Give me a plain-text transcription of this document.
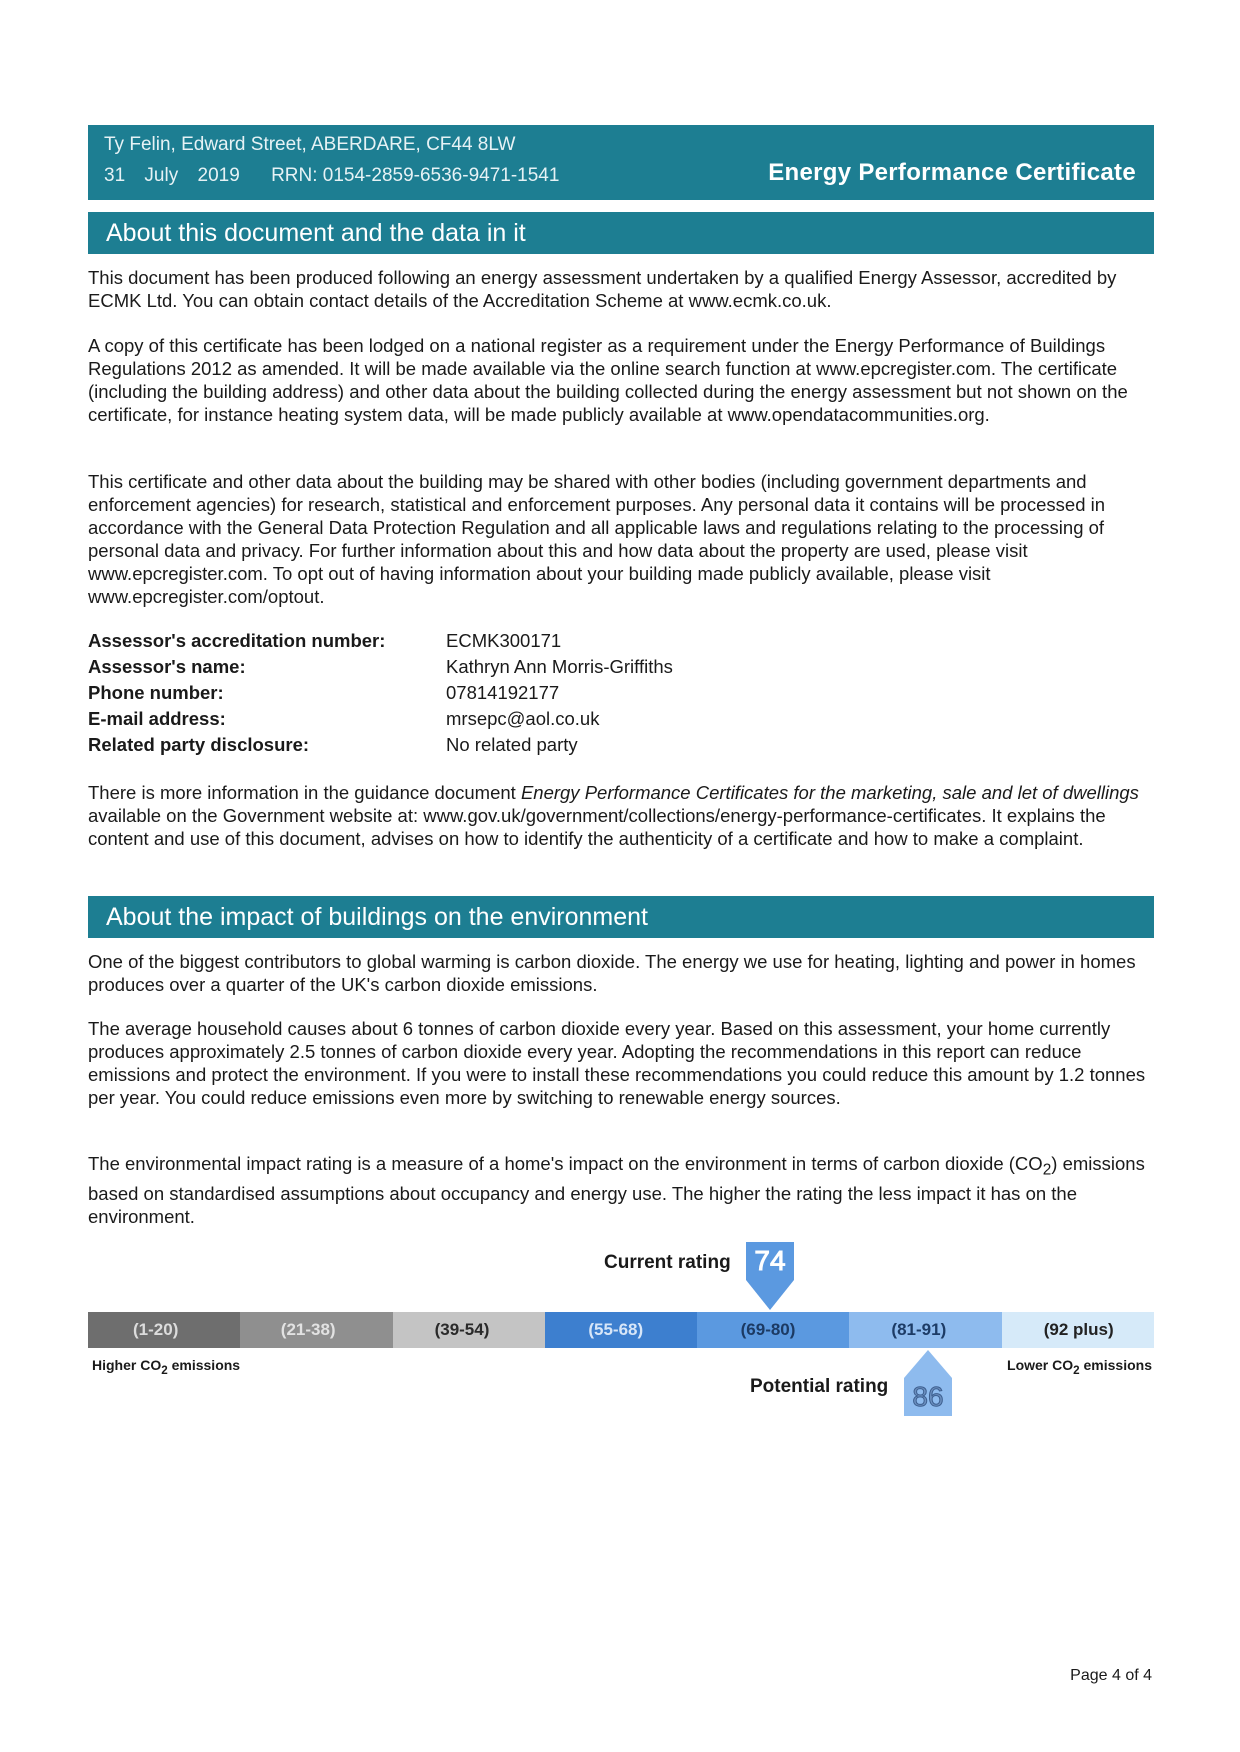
Ty Felin, Edward Street, ABERDARE, CF44 8LW
31 July 2019 RRN: 0154-2859-6536-9471-1541	Energy Performance Certificate
About this document and the data in it

This document has been produced following an energy assessment undertaken by a qualified Energy Assessor, accredited by ECMK Ltd. You can obtain contact details of the Accreditation Scheme at www.ecmk.co.uk.

A copy of this certificate has been lodged on a national register as a requirement under the Energy Performance of Buildings Regulations 2012 as amended. It will be made available via the online search function at www.epcregister.com. The certificate (including the building address) and other data about the building collected during the energy assessment but not shown on the certificate, for instance heating system data, will be made publicly available at www.opendatacommunities.org.

This certificate and other data about the building may be shared with other bodies (including government departments and enforcement agencies) for research, statistical and enforcement purposes. Any personal data it contains will be processed in accordance with the General Data Protection Regulation and all applicable laws and regulations relating to the processing of personal data and privacy. For further information about this and how data about the property are used, please visit www.epcregister.com. To opt out of having information about your building made publicly available, please visit www.epcregister.com/optout.

Assessor's accreditation number:	ECMK300171
Assessor's name:	Kathryn Ann Morris-Griffiths
Phone number:	07814192177
E-mail address:	mrsepc@aol.co.uk
Related party disclosure:	No related party

There is more information in the guidance document Energy Performance Certificates for the marketing, sale and let of dwellings available on the Government website at: www.gov.uk/government/collections/energy-performance-certificates. It explains the content and use of this document, advises on how to identify the authenticity of a certificate and how to make a complaint.

About the impact of buildings on the environment

One of the biggest contributors to global warming is carbon dioxide. The energy we use for heating, lighting and power in homes produces over a quarter of the UK's carbon dioxide emissions.

The average household causes about 6 tonnes of carbon dioxide every year. Based on this assessment, your home currently produces approximately 2.5 tonnes of carbon dioxide every year. Adopting the recommendations in this report can reduce emissions and protect the environment. If you were to install these recommendations you could reduce this amount by 1.2 tonnes per year. You could reduce emissions even more by switching to renewable energy sources.

The environmental impact rating is a measure of a home's impact on the environment in terms of carbon dioxide $(CO_2)$ emissions based on standardised assumptions about occupancy and energy use. The higher the rating the less impact it has on the environment.

Current rating 74
G (1-20)	F (21-38) E (39-54) D (55-68) C (69-80) B (81-91) A (92 plus)
Higher $CO_2$ emissions	Lower $CO_2$ emissions
Potential rating 86
Page 4 of 4
